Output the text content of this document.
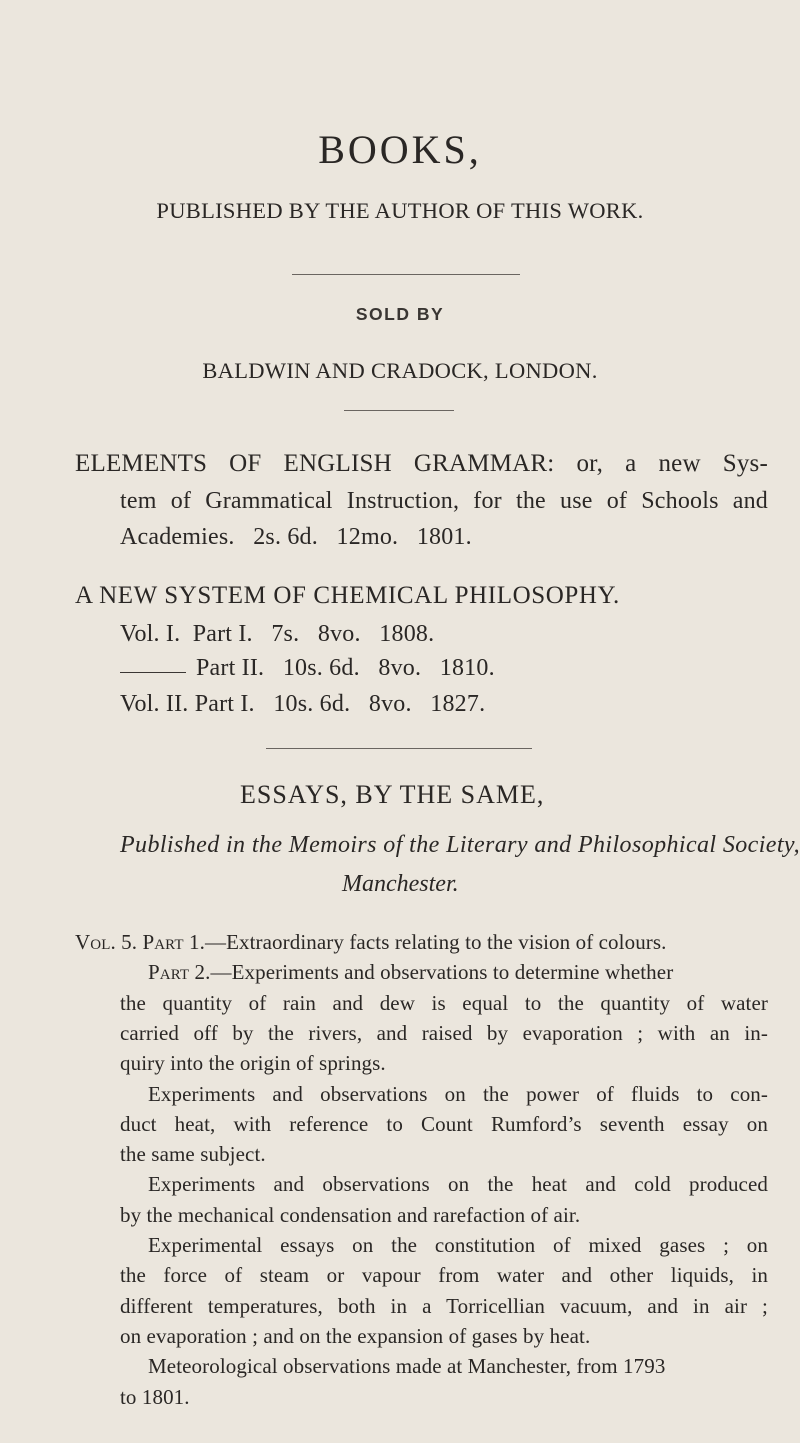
BOOKS,
PUBLISHED BY THE AUTHOR OF THIS WORK.
SOLD BY
BALDWIN AND CRADOCK, LONDON.
ELEMENTS OF ENGLISH GRAMMAR: or, a new Sys-
tem of Grammatical Instruction, for the use of Schools and
Academies.   2s. 6d.   12mo.   1801.
A NEW SYSTEM OF CHEMICAL PHILOSOPHY.
Vol. I.  Part I.   7s.   8vo.   1808.
Part II.   10s. 6d.   8vo.   1810.
Vol. II. Part I.   10s. 6d.   8vo.   1827.
ESSAYS, BY THE SAME,
Published in the Memoirs of the Literary and Philosophical Society,
Manchester.
Vol. 5. Part 1.—Extraordinary facts relating to the vision of colours.
Part 2.—Experiments and observations to determine whether
the quantity of rain and dew is equal to the quantity of water
carried off by the rivers, and raised by evaporation ; with an in-
quiry into the origin of springs.
Experiments and observations on the power of fluids to con-
duct heat, with reference to Count Rumford’s seventh essay on
the same subject.
Experiments and observations on the heat and cold produced
by the mechanical condensation and rarefaction of air.
Experimental essays on the constitution of mixed gases ; on
the force of steam or vapour from water and other liquids, in
different temperatures, both in a Torricellian vacuum, and in air ;
on evaporation ; and on the expansion of gases by heat.
Meteorological observations made at Manchester, from 1793
to 1801.
